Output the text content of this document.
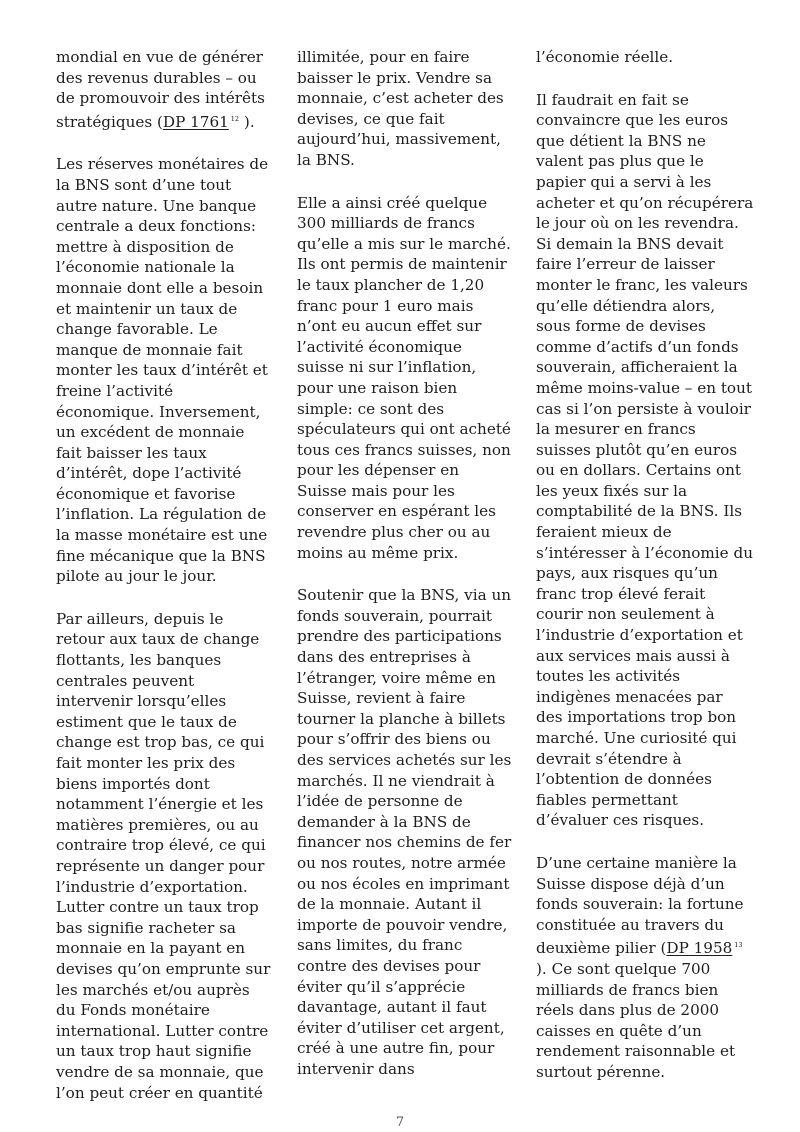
mondial en vue de générer des revenus durables – ou de promouvoir des intérêts stratégiques (DP 1761 $^{12}$ ).

Les réserves monétaires de la BNS sont d’une tout autre nature. Une banque centrale a deux fonctions: mettre à disposition de l’économie nationale la monnaie dont elle a besoin et maintenir un taux de change favorable. Le manque de monnaie fait monter les taux d’intérêt et freine l’activité économique. Inversement, un excédent de monnaie fait baisser les taux d’intérêt, dope l’activité économique et favorise l’inflation. La régulation de la masse monétaire est une fine mécanique que la BNS pilote au jour le jour.

Par ailleurs, depuis le retour aux taux de change flottants, les banques centrales peuvent intervenir lorsqu’elles estiment que le taux de change est trop bas, ce qui fait monter les prix des biens importés dont notamment l’énergie et les matières premières, ou au contraire trop élevé, ce qui représente un danger pour l’industrie d’exportation. Lutter contre un taux trop bas signifie racheter sa monnaie en la payant en devises qu’on emprunte sur les marchés et/ou auprès du Fonds monétaire international. Lutter contre un taux trop haut signifie vendre de sa monnaie, que l’on peut créer en quantité

illimitée, pour en faire baisser le prix. Vendre sa monnaie, c’est acheter des devises, ce que fait aujourd’hui, massivement, la BNS.

Elle a ainsi créé quelque 300 milliards de francs qu’elle a mis sur le marché. Ils ont permis de maintenir le taux plancher de 1,20 franc pour 1 euro mais n’ont eu aucun effet sur l’activité économique suisse ni sur l’inflation, pour une raison bien simple: ce sont des spéculateurs qui ont acheté tous ces francs suisses, non pour les dépenser en Suisse mais pour les conserver en espérant les revendre plus cher ou au moins au même prix.

Soutenir que la BNS, via un fonds souverain, pourrait prendre des participations dans des entreprises à l’étranger, voire même en Suisse, revient à faire tourner la planche à billets pour s’offrir des biens ou des services achetés sur les marchés. Il ne viendrait à l’idée de personne de demander à la BNS de financer nos chemins de fer ou nos routes, notre armée ou nos écoles en imprimant de la monnaie. Autant il importe de pouvoir vendre, sans limites, du franc contre des devises pour éviter qu’il s’apprécie davantage, autant il faut éviter d’utiliser cet argent, créé à une autre fin, pour intervenir dans

l’économie réelle.

Il faudrait en fait se convaincre que les euros que détient la BNS ne valent pas plus que le papier qui a servi à les acheter et qu’on récupérera le jour où on les revendra. Si demain la BNS devait faire l’erreur de laisser monter le franc, les valeurs qu’elle détiendra alors, sous forme de devises comme d’actifs d’un fonds souverain, afficheraient la même moins-value – en tout cas si l’on persiste à vouloir la mesurer en francs suisses plutôt qu’en euros ou en dollars. Certains ont les yeux fixés sur la comptabilité de la BNS. Ils feraient mieux de s’intéresser à l’économie du pays, aux risques qu’un franc trop élevé ferait courir non seulement à l’industrie d’exportation et aux services mais aussi à toutes les activités indigènes menacées par des importations trop bon marché. Une curiosité qui devrait s’étendre à l’obtention de données fiables permettant d’évaluer ces risques.

D’une certaine manière la Suisse dispose déjà d’un fonds souverain: la fortune constituée au travers du deuxième pilier (DP 1958 $^{13}$ ). Ce sont quelque 700 milliards de francs bien réels dans plus de 2000 caisses en quête d’un rendement raisonnable et surtout pérenne.

7
